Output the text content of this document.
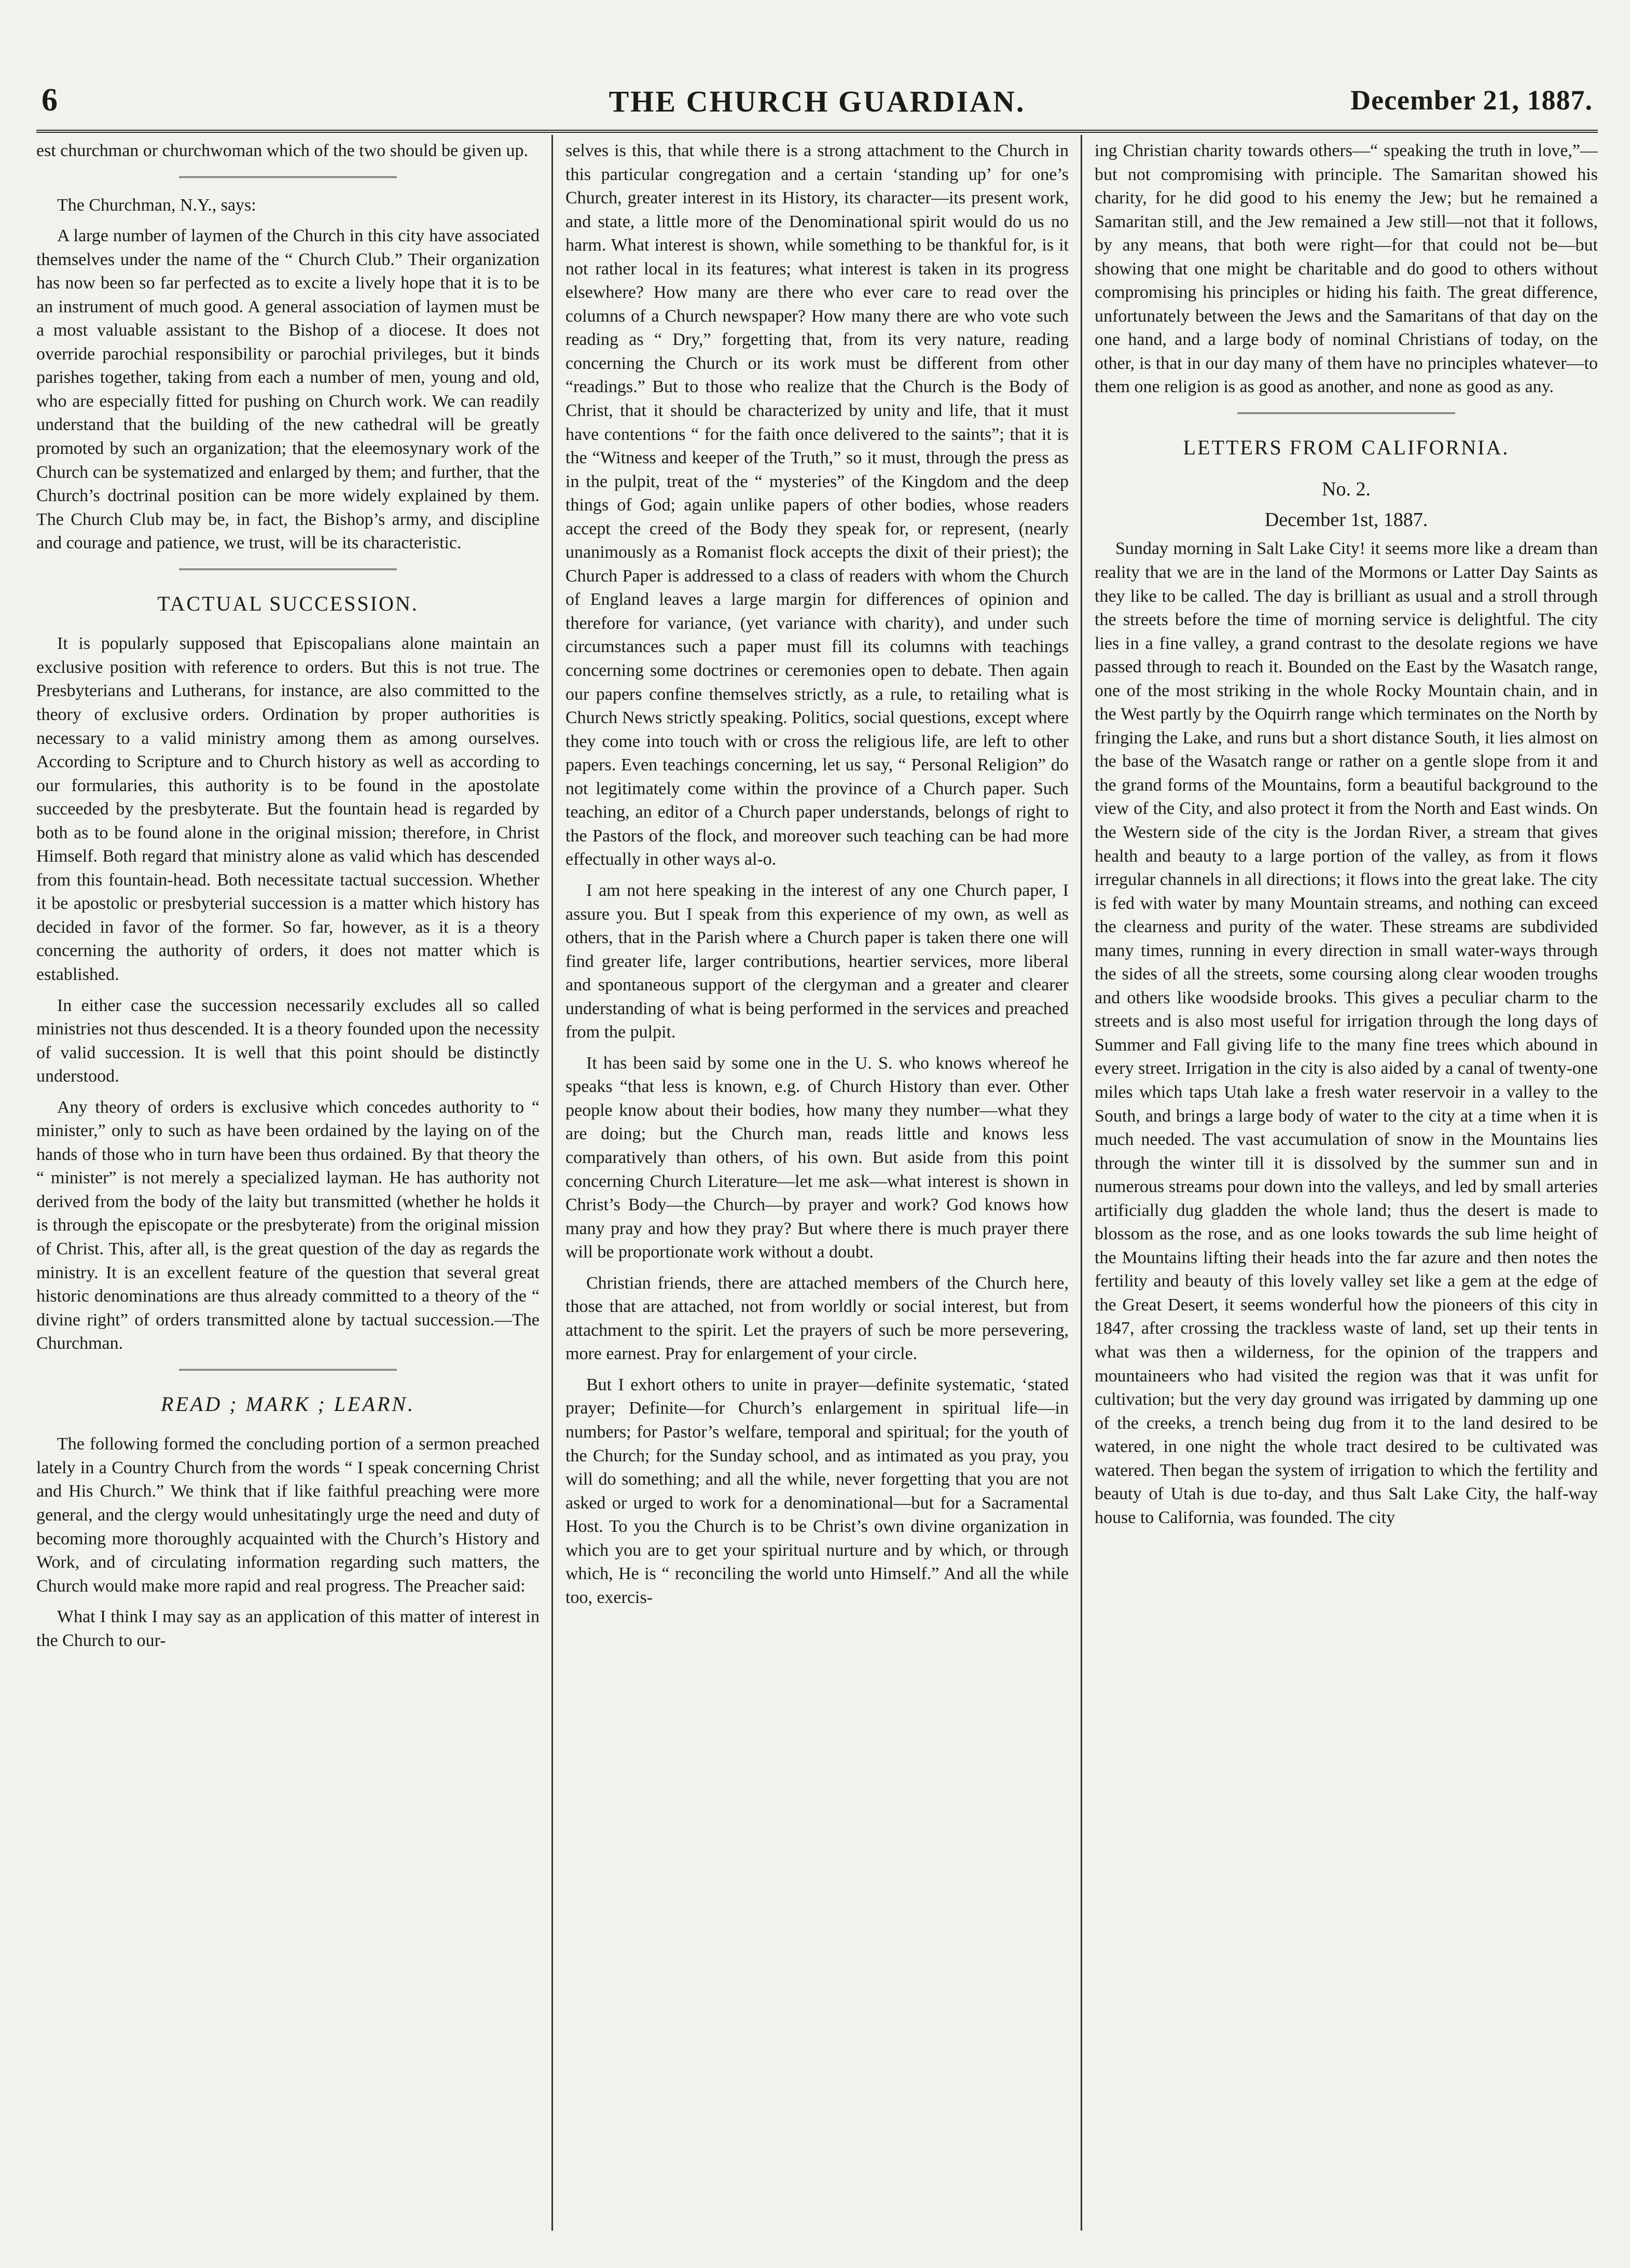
6	THE CHURCH GUARDIAN.	December 21, 1887.

est churchman or churchwoman which of the two should be given up.

The Churchman, N.Y., says:

A large number of laymen of the Church in this city have associated themselves under the name of the “ Church Club.” Their organization has now been so far perfected as to excite a lively hope that it is to be an instrument of much good. A general association of laymen must be a most valuable assistant to the Bishop of a diocese. It does not override parochial responsibility or parochial privileges, but it binds parishes together, taking from each a number of men, young and old, who are especially fitted for pushing on Church work. We can readily understand that the building of the new cathedral will be greatly promoted by such an organization; that the eleemosynary work of the Church can be systematized and enlarged by them; and further, that the Church’s doctrinal position can be more widely explained by them. The Church Club may be, in fact, the Bishop’s army, and discipline and courage and patience, we trust, will be its characteristic.

TACTUAL SUCCESSION.

It is popularly supposed that Episcopalians alone maintain an exclusive position with reference to orders. But this is not true. The Presbyterians and Lutherans, for instance, are also committed to the theory of exclusive orders. Ordination by proper authorities is necessary to a valid ministry among them as among ourselves. According to Scripture and to Church history as well as according to our formularies, this authority is to be found in the apostolate succeeded by the presbyterate. But the fountain head is regarded by both as to be found alone in the original mission; therefore, in Christ Himself. Both regard that ministry alone as valid which has descended from this fountain-head. Both necessitate tactual succession. Whether it be apostolic or presbyterial succession is a matter which history has decided in favor of the former. So far, however, as it is a theory concerning the authority of orders, it does not matter which is established.

In either case the succession necessarily excludes all so called ministries not thus descended. It is a theory founded upon the necessity of valid succession. It is well that this point should be distinctly understood.

Any theory of orders is exclusive which concedes authority to “ minister,” only to such as have been ordained by the laying on of the hands of those who in turn have been thus ordained. By that theory the “ minister” is not merely a specialized layman. He has authority not derived from the body of the laity but transmitted (whether he holds it is through the episcopate or the presbyterate) from the original mission of Christ. This, after all, is the great question of the day as regards the ministry. It is an excellent feature of the question that several great historic denominations are thus already committed to a theory of the “ divine right” of orders transmitted alone by tactual succession.—The Churchman.

READ ; MARK ; LEARN.

The following formed the concluding portion of a sermon preached lately in a Country Church from the words “ I speak concerning Christ and His Church.” We think that if like faithful preaching were more general, and the clergy would unhesitatingly urge the need and duty of becoming more thoroughly acquainted with the Church’s History and Work, and of circulating information regarding such matters, the Church would make more rapid and real progress. The Preacher said:

What I think I may say as an application of this matter of interest in the Church to our-

selves is this, that while there is a strong attachment to the Church in this particular congregation and a certain ‘standing up’ for one’s Church, greater interest in its History, its character—its present work, and state, a little more of the Denominational spirit would do us no harm. What interest is shown, while something to be thankful for, is it not rather local in its features; what interest is taken in its progress elsewhere? How many are there who ever care to read over the columns of a Church newspaper? How many there are who vote such reading as “ Dry,” forgetting that, from its very nature, reading concerning the Church or its work must be different from other “readings.” But to those who realize that the Church is the Body of Christ, that it should be characterized by unity and life, that it must have contentions “ for the faith once delivered to the saints”; that it is the “Witness and keeper of the Truth,” so it must, through the press as in the pulpit, treat of the “ mysteries” of the Kingdom and the deep things of God; again unlike papers of other bodies, whose readers accept the creed of the Body they speak for, or represent, (nearly unanimously as a Romanist flock accepts the dixit of their priest); the Church Paper is addressed to a class of readers with whom the Church of England leaves a large margin for differences of opinion and therefore for variance, (yet variance with charity), and under such circumstances such a paper must fill its columns with teachings concerning some doctrines or ceremonies open to debate. Then again our papers confine themselves strictly, as a rule, to retailing what is Church News strictly speaking. Politics, social questions, except where they come into touch with or cross the religious life, are left to other papers. Even teachings concerning, let us say, “ Personal Religion” do not legitimately come within the province of a Church paper. Such teaching, an editor of a Church paper understands, belongs of right to the Pastors of the flock, and moreover such teaching can be had more effectually in other ways al-o.

I am not here speaking in the interest of any one Church paper, I assure you. But I speak from this experience of my own, as well as others, that in the Parish where a Church paper is taken there one will find greater life, larger contributions, heartier services, more liberal and spontaneous support of the clergyman and a greater and clearer understanding of what is being performed in the services and preached from the pulpit.

It has been said by some one in the U. S. who knows whereof he speaks “that less is known, e.g. of Church History than ever. Other people know about their bodies, how many they number—what they are doing; but the Church man, reads little and knows less comparatively than others, of his own. But aside from this point concerning Church Literature—let me ask—what interest is shown in Christ’s Body—the Church—by prayer and work? God knows how many pray and how they pray? But where there is much prayer there will be proportionate work without a doubt.

Christian friends, there are attached members of the Church here, those that are attached, not from worldly or social interest, but from attachment to the spirit. Let the prayers of such be more persevering, more earnest. Pray for enlargement of your circle.

But I exhort others to unite in prayer—definite systematic, ‘stated prayer; Definite—for Church’s enlargement in spiritual life—in numbers; for Pastor’s welfare, temporal and spiritual; for the youth of the Church; for the Sunday school, and as intimated as you pray, you will do something; and all the while, never forgetting that you are not asked or urged to work for a denominational—but for a Sacramental Host. To you the Church is to be Christ’s own divine organization in which you are to get your spiritual nurture and by which, or through which, He is “ reconciling the world unto Himself.” And all the while too, exercis-

ing Christian charity towards others—“ speaking the truth in love,”—but not compromising with principle. The Samaritan showed his charity, for he did good to his enemy the Jew; but he remained a Samaritan still, and the Jew remained a Jew still—not that it follows, by any means, that both were right—for that could not be—but showing that one might be charitable and do good to others without compromising his principles or hiding his faith. The great difference, unfortunately between the Jews and the Samaritans of that day on the one hand, and a large body of nominal Christians of today, on the other, is that in our day many of them have no principles whatever—to them one religion is as good as another, and none as good as any.

LETTERS FROM CALIFORNIA.
No. 2.
December 1st, 1887.

Sunday morning in Salt Lake City! it seems more like a dream than reality that we are in the land of the Mormons or Latter Day Saints as they like to be called. The day is brilliant as usual and a stroll through the streets before the time of morning service is delightful. The city lies in a fine valley, a grand contrast to the desolate regions we have passed through to reach it. Bounded on the East by the Wasatch range, one of the most striking in the whole Rocky Mountain chain, and in the West partly by the Oquirrh range which terminates on the North by fringing the Lake, and runs but a short distance South, it lies almost on the base of the Wasatch range or rather on a gentle slope from it and the grand forms of the Mountains, form a beautiful background to the view of the City, and also protect it from the North and East winds. On the Western side of the city is the Jordan River, a stream that gives health and beauty to a large portion of the valley, as from it flows irregular channels in all directions; it flows into the great lake. The city is fed with water by many Mountain streams, and nothing can exceed the clearness and purity of the water. These streams are subdivided many times, running in every direction in small water-ways through the sides of all the streets, some coursing along clear wooden troughs and others like woodside brooks. This gives a peculiar charm to the streets and is also most useful for irrigation through the long days of Summer and Fall giving life to the many fine trees which abound in every street. Irrigation in the city is also aided by a canal of twenty-one miles which taps Utah lake a fresh water reservoir in a valley to the South, and brings a large body of water to the city at a time when it is much needed. The vast accumulation of snow in the Mountains lies through the winter till it is dissolved by the summer sun and in numerous streams pour down into the valleys, and led by small arteries artificially dug gladden the whole land; thus the desert is made to blossom as the rose, and as one looks towards the sub lime height of the Mountains lifting their heads into the far azure and then notes the fertility and beauty of this lovely valley set like a gem at the edge of the Great Desert, it seems wonderful how the pioneers of this city in 1847, after crossing the trackless waste of land, set up their tents in what was then a wilderness, for the opinion of the trappers and mountaineers who had visited the region was that it was unfit for cultivation; but the very day ground was irrigated by damming up one of the creeks, a trench being dug from it to the land desired to be watered, in one night the whole tract desired to be cultivated was watered. Then began the system of irrigation to which the fertility and beauty of Utah is due to-day, and thus Salt Lake City, the half-way house to California, was founded. The city
